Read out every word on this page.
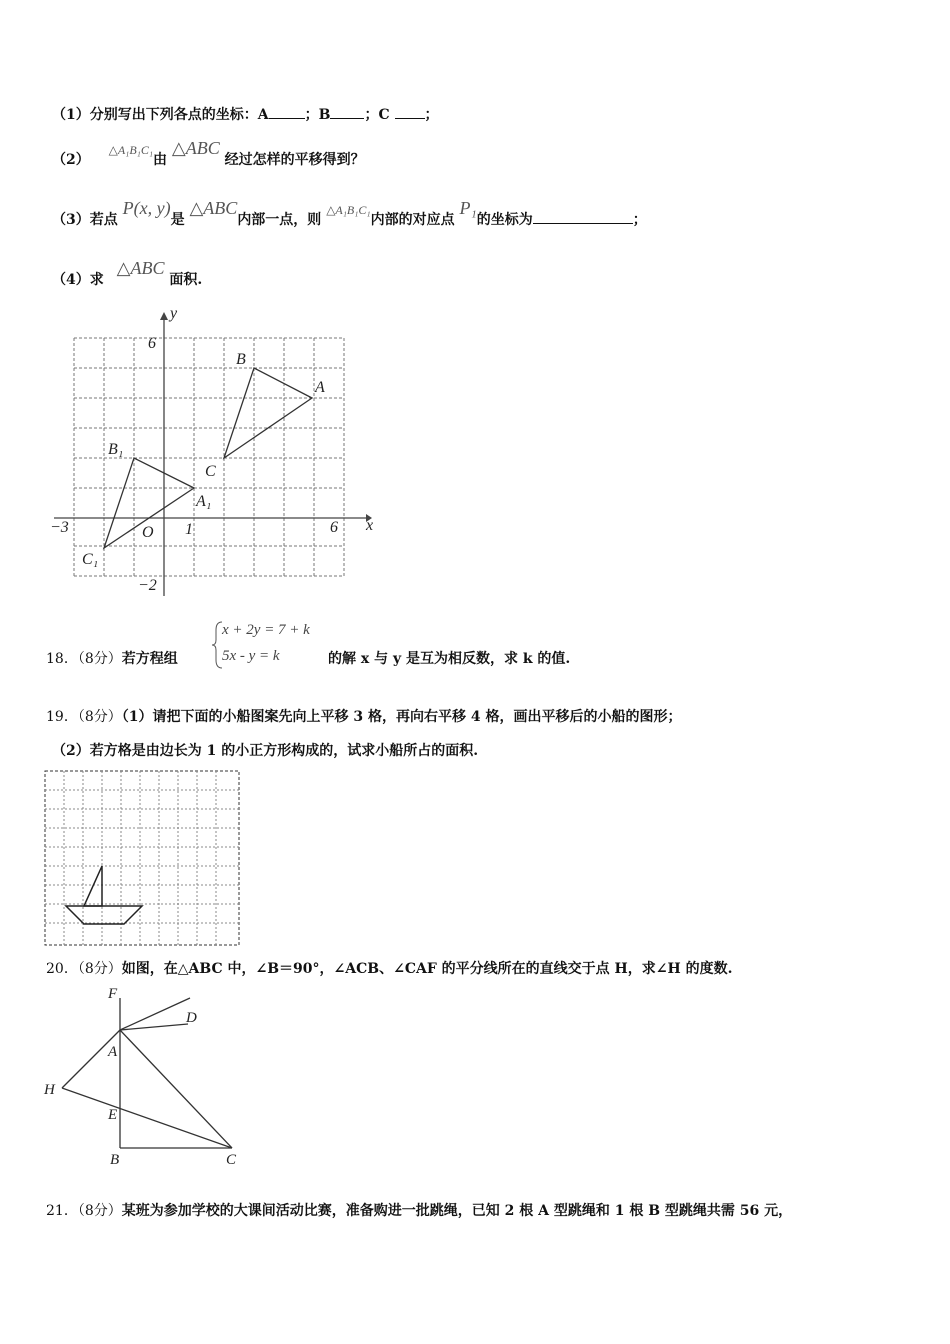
（1）分别写出下列各点的坐标：A	；B ；C ；
（2） △A₁B₁C₁由 △ABC 经过怎样的平移得到？
（3）若点 P(x, y)是 △ABC内部一点，则 △A₁B₁C₁内部的对应点 P₁的坐标为	；
（4）求 △ABC 面积.
y
x
6
−2
−3	1	6
O
A
B
C
A₁
B₁
C₁
18．（8分）若方程组
x + 2y = 7 + k
5x - y = k	的解 x 与 y 是互为相反数，求 k 的值.
19．（8分）（1）请把下面的小船图案先向上平移 3 格，再向右平移 4 格，画出平移后的小船的图形；
（2）若方格是由边长为 1 的小正方形构成的，试求小船所占的面积.
20．（8分）如图，在△ABC 中，∠B＝90°，∠ACB、∠CAF 的平分线所在的直线交于点 H，求∠H 的度数.
F
D
A
H
E
B	C
21．（8分）某班为参加学校的大课间活动比赛，准备购进一批跳绳，已知 2 根 A 型跳绳和 1 根 B 型跳绳共需 56 元，
